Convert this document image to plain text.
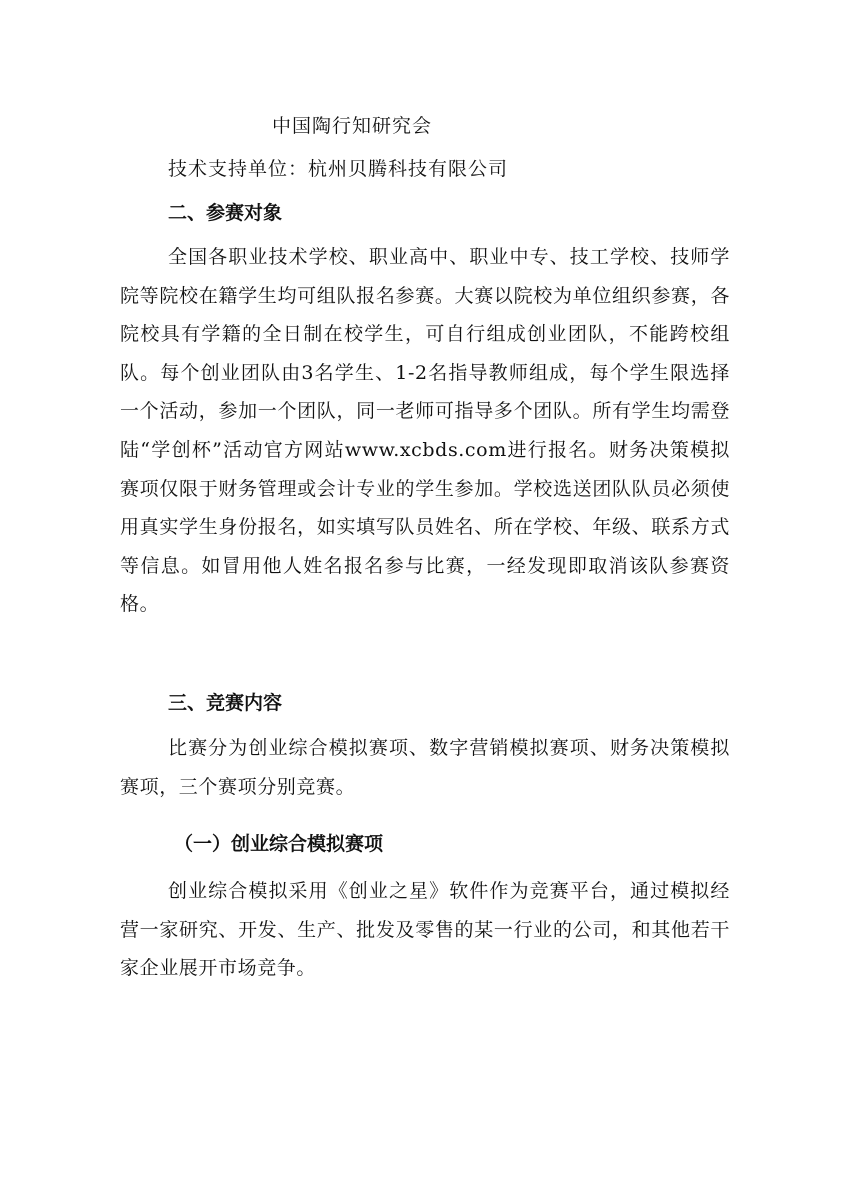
中国陶行知研究会
技术支持单位：杭州贝腾科技有限公司
二、参赛对象

全国各职业技术学校、职业高中、职业中专、技工学校、技师学院等院校在籍学生均可组队报名参赛。大赛以院校为单位组织参赛，各院校具有学籍的全日制在校学生，可自行组成创业团队，不能跨校组队。每个创业团队由3名学生、1-2名指导教师组成，每个学生限选择一个活动，参加一个团队，同一老师可指导多个团队。所有学生均需登陆“学创杯”活动官方网站www.xcbds.com进行报名。财务决策模拟赛项仅限于财务管理或会计专业的学生参加。学校选送团队队员必须使用真实学生身份报名，如实填写队员姓名、所在学校、年级、联系方式等信息。如冒用他人姓名报名参与比赛，一经发现即取消该队参赛资格。

三、竞赛内容

比赛分为创业综合模拟赛项、数字营销模拟赛项、财务决策模拟赛项，三个赛项分别竞赛。

（一）创业综合模拟赛项

创业综合模拟采用《创业之星》软件作为竞赛平台，通过模拟经营一家研究、开发、生产、批发及零售的某一行业的公司，和其他若干家企业展开市场竞争。
